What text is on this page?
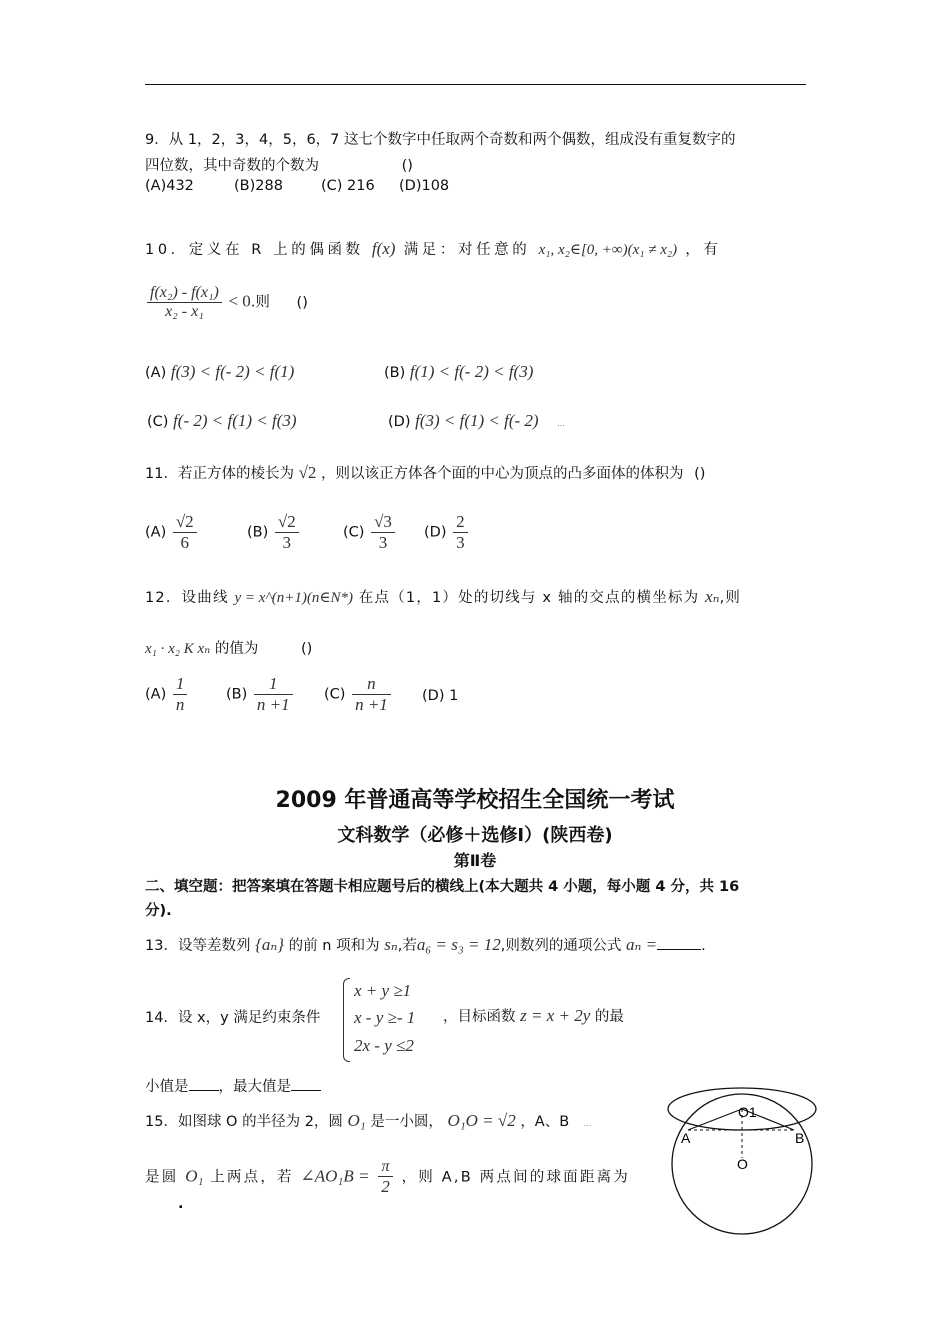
9．从 1，2，3，4，5，6，7 这七个数字中任取两个奇数和两个偶数，组成没有重复数字的
四位数，其中奇数的个数为	()
(A)432	(B)288	(C) 216 (D)108
10．定义在 R 上的偶函数 f(x) 满足：对任意的 x₁, x₂∈[0, +∞)(x₁ ≠ x₂) ，有
$\frac{\text{f(x₂) - f(x₁)}}{\text{x₂ - x₁}} < 0$.则 ()
(A) f(3) < f(- 2) < f(1)	(B) f(1) < f(- 2) < f(3)
(C) f(- 2) < f(1) < f(3)	(D) f(3) < f(1) < f(- 2) ...
11．若正方体的棱长为 √2 ，则以该正方体各个面的中心为顶点的凸多面体的体积为 ()
$(A) \frac{√2}{6}$	$(B) \frac{√2}{3}$	$(C) \frac{√3}{3} (D) \frac{2}{3}$
12．设曲线 y = x^(n+1)(n∈N*) 在点（1，1）处的切线与 x 轴的交点的横坐标为 xₙ,则
x₁ · x₂ K xₙ 的值为	()
$(A) \frac{1}{n}$	$(B) \frac{1}{n +1} (C) \frac{n}{n +1} (D)$ 1
2009 年普通高等学校招生全国统一考试
文科数学（必修＋选修Ⅰ）(陕西卷)
第Ⅱ卷
二、填空题：把答案填在答题卡相应题号后的横线上(本大题共 4 小题，每小题 4 分，共 16
分).
13．设等差数列 {aₙ} 的前 n 项和为 sₙ,若a₆ = s₃ = 12,则数列的通项公式 aₙ =	.
14．设 x，y 满足约束条件
x + y ≥1
x - y ≥- 1
2x - y ≤2
，目标函数 z = x + 2y 的最
小值是 ，最大值是
15．如图球 O 的半径为 2，圆 O₁ 是一小圆， O₁O = √2 ，A、B ...
是圆 O₁ 上两点，若 ∠AO₁B = $\frac{\pi}{2}$ ，则 A,B 两点间的球面距离为
.
O1
A	B
O
